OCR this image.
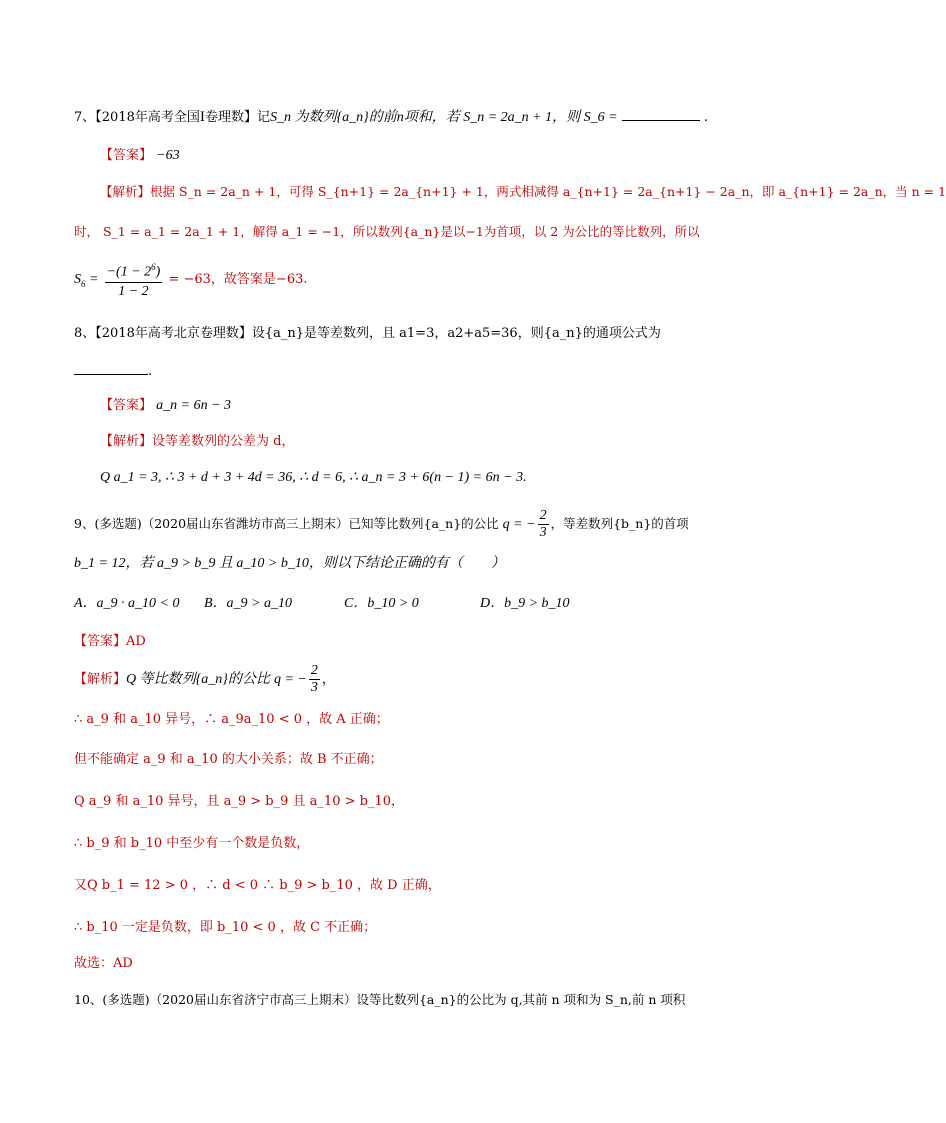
7、【2018年高考全国Ⅰ卷理数】记S_n 为数列{a_n}的前n项和，若 S_n = 2a_n + 1，则 S_6 =	.
【答案】 −63
【解析】根据 S_n = 2a_n + 1，可得 S_{n+1} = 2a_{n+1} + 1，两式相减得 a_{n+1} = 2a_{n+1} − 2a_n，即 a_{n+1} = 2a_n，当 n = 1
时， S_1 = a_1 = 2a_1 + 1，解得 a_1 = −1，所以数列{a_n}是以−1为首项，以 2 为公比的等比数列，所以
$S_6 = \frac{-(1 - 2^6)}{1 - 2} = -63$，故答案是−63.
8、【2018年高考北京卷理数】设{a_n}是等差数列，且 a1=3，a2+a5=36，则{a_n}的通项公式为
.
【答案】 a_n = 6n − 3
【解析】设等差数列的公差为 d，
Q a_1 = 3, ∴ 3 + d + 3 + 4d = 36, ∴ d = 6, ∴ a_n = 3 + 6(n − 1) = 6n − 3.
9、(多选题)（2020届山东省潍坊市高三上期末）已知等比数列{a_n}的公比 q = − $\frac{2}{3}$ ，等差数列{b_n}的首项
b_1 = 12，若 a_9 > b_9 且 a_10 > b_10，则以下结论正确的有（　　）
A．a_9 · a_10 < 0 B．a_9 > a_10	C．b_10 > 0	D．b_9 > b_10
【答案】AD
【解析】Q 等比数列{a_n}的公比 q = − $\frac{2}{3}$ ，
∴ a_9 和 a_10 异号，∴ a_9a_10 < 0 ，故 A 正确；
但不能确定 a_9 和 a_10 的大小关系；故 B 不正确；
Q a_9 和 a_10 异号，且 a_9 > b_9 且 a_10 > b_10，
∴ b_9 和 b_10 中至少有一个数是负数，
又Q b_1 = 12 > 0 ，∴ d < 0 ∴ b_9 > b_10 ，故 D 正确，
∴ b_10 一定是负数，即 b_10 < 0 ，故 C 不正确；
故选：AD
10、(多选题)（2020届山东省济宁市高三上期末）设等比数列{a_n}的公比为 q,其前 n 项和为 S_n,前 n 项积
